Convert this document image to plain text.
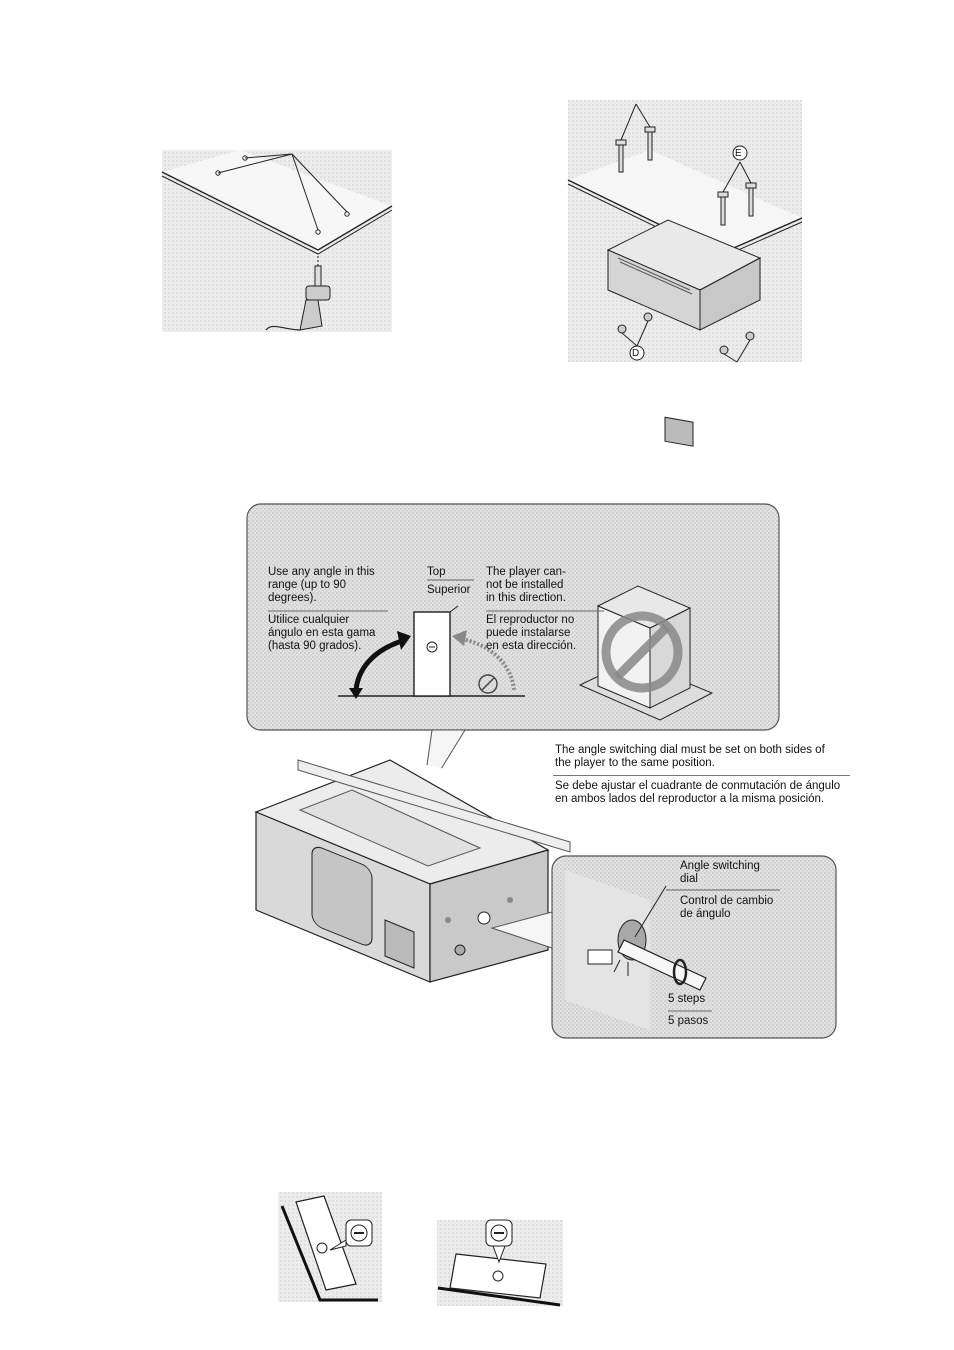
E
D
Use any angle in this
range (up to 90
degrees).
Utilice cualquier
ángulo en esta gama
(hasta 90 grados).
Top
Superior
The player can-
not be installed
in this direction.
El reproductor no
puede instalarse
en esta dirección.
The angle switching dial must be set on both sides of
the player to the same position.
Se debe ajustar el cuadrante de conmutación de ángulo
en ambos lados del reproductor a la misma posición.
Angle switching
dial
Control de cambio
de ángulo
5 steps
5 pasos
